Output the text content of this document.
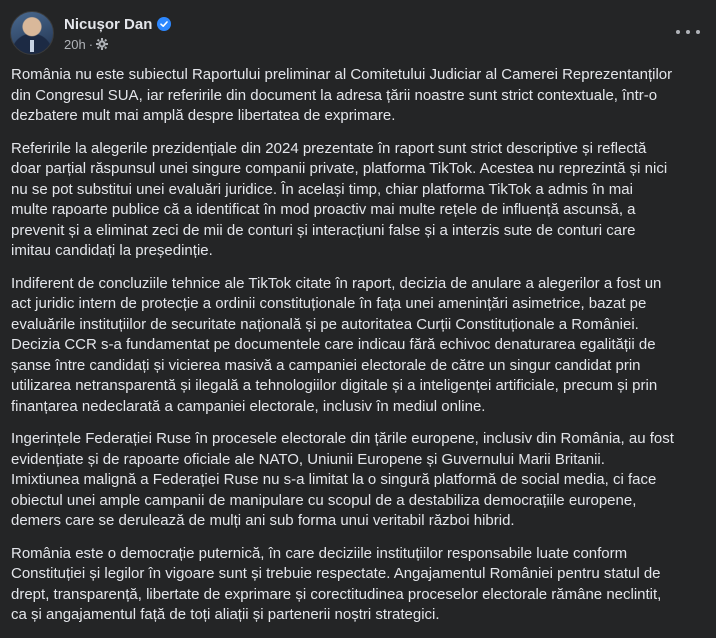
Nicușor Dan
20h ·

România nu este subiectul Raportului preliminar al Comitetului Judiciar al Camerei Reprezentanților
din Congresul SUA, iar referirile din document la adresa țării noastre sunt strict contextuale, într-o
dezbatere mult mai amplă despre libertatea de exprimare.

Referirile la alegerile prezidențiale din 2024 prezentate în raport sunt strict descriptive și reflectă
doar parțial răspunsul unei singure companii private, platforma TikTok. Acestea nu reprezintă și nici
nu se pot substitui unei evaluări juridice. În același timp, chiar platforma TikTok a admis în mai
multe rapoarte publice că a identificat în mod proactiv mai multe rețele de influență ascunsă, a
prevenit și a eliminat zeci de mii de conturi și interacțiuni false și a interzis sute de conturi care
imitau candidați la președinție.

Indiferent de concluziile tehnice ale TikTok citate în raport, decizia de anulare a alegerilor a fost un
act juridic intern de protecție a ordinii constituționale în fața unei amenințări asimetrice, bazat pe
evaluările instituțiilor de securitate națională și pe autoritatea Curții Constituționale a României.
Decizia CCR s-a fundamentat pe documentele care indicau fără echivoc denaturarea egalității de
șanse între candidați și vicierea masivă a campaniei electorale de către un singur candidat prin
utilizarea netransparentă și ilegală a tehnologiilor digitale și a inteligenței artificiale, precum și prin
finanțarea nedeclarată a campaniei electorale, inclusiv în mediul online.

Ingerințele Federației Ruse în procesele electorale din țările europene, inclusiv din România, au fost
evidențiate și de rapoarte oficiale ale NATO, Uniunii Europene și Guvernului Marii Britanii.
Imixtiunea malignă a Federației Ruse nu s-a limitat la o singură platformă de social media, ci face
obiectul unei ample campanii de manipulare cu scopul de a destabiliza democrațiile europene,
demers care se derulează de mulți ani sub forma unui veritabil război hibrid.

România este o democrație puternică, în care deciziile instituțiilor responsabile luate conform
Constituției și legilor în vigoare sunt și trebuie respectate. Angajamentul României pentru statul de
drept, transparență, libertate de exprimare și corectitudinea proceselor electorale rămâne neclintit,
ca și angajamentul față de toți aliații și partenerii noștri strategici.
